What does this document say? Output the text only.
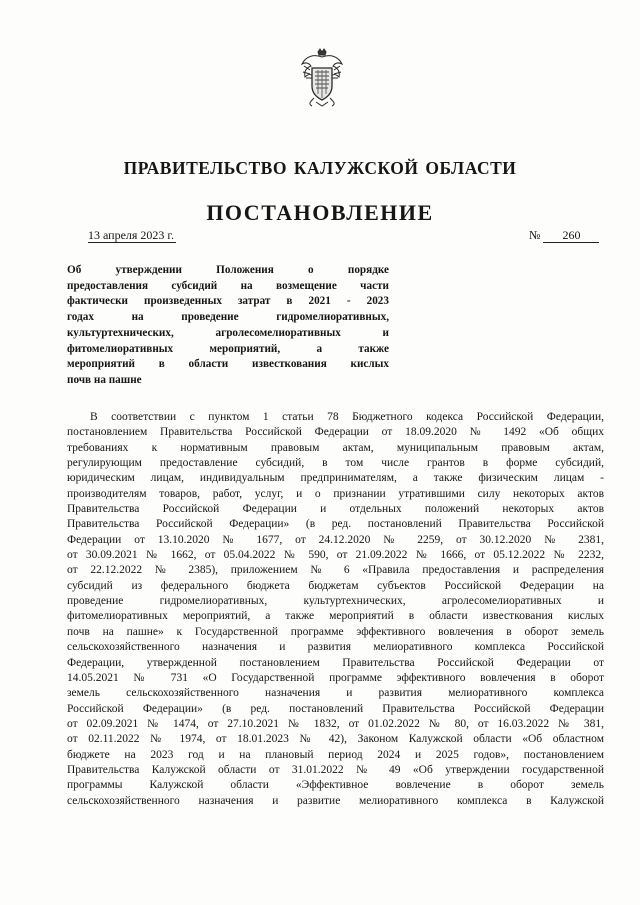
ПРАВИТЕЛЬСТВО КАЛУЖСКОЙ ОБЛАСТИ
ПОСТАНОВЛЕНИЕ
13 апреля 2023 г.	№ 260
Об утверждении Положения о порядке
предоставления субсидий на возмещение части
фактически произведенных затрат в 2021 - 2023
годах на проведение гидромелиоративных,
культуртехнических, агролесомелиоративных и
фитомелиоративных мероприятий, а также
мероприятий в области известкования кислых
почв на пашне
В соответствии с пунктом 1 статьи 78 Бюджетного кодекса Российской Федерации,
постановлением Правительства Российской Федерации от 18.09.2020 № 1492 «Об общих
требованиях к нормативным правовым актам, муниципальным правовым актам,
регулирующим предоставление субсидий, в том числе грантов в форме субсидий,
юридическим лицам, индивидуальным предпринимателям, а также физическим лицам -
производителям товаров, работ, услуг, и о признании утратившими силу некоторых актов
Правительства Российской Федерации и отдельных положений некоторых актов
Правительства Российской Федерации» (в ред. постановлений Правительства Российской
Федерации от 13.10.2020 № 1677, от 24.12.2020 № 2259, от 30.12.2020 № 2381,
от 30.09.2021 № 1662, от 05.04.2022 № 590, от 21.09.2022 № 1666, от 05.12.2022 № 2232,
от 22.12.2022 № 2385), приложением № 6 «Правила предоставления и распределения
субсидий из федерального бюджета бюджетам субъектов Российской Федерации на
проведение гидромелиоративных, культуртехнических, агролесомелиоративных и
фитомелиоративных мероприятий, а также мероприятий в области известкования кислых
почв на пашне» к Государственной программе эффективного вовлечения в оборот земель
сельскохозяйственного назначения и развития мелиоративного комплекса Российской
Федерации, утвержденной постановлением Правительства Российской Федерации от
14.05.2021 № 731 «О Государственной программе эффективного вовлечения в оборот
земель сельскохозяйственного назначения и развития мелиоративного комплекса
Российской Федерации» (в ред. постановлений Правительства Российской Федерации
от 02.09.2021 № 1474, от 27.10.2021 № 1832, от 01.02.2022 № 80, от 16.03.2022 № 381,
от 02.11.2022 № 1974, от 18.01.2023 № 42), Законом Калужской области «Об областном
бюджете на 2023 год и на плановый период 2024 и 2025 годов», постановлением
Правительства Калужской области от 31.01.2022 № 49 «Об утверждении государственной
программы Калужской области «Эффективное вовлечение в оборот земель
сельскохозяйственного назначения и развитие мелиоративного комплекса в Калужской
